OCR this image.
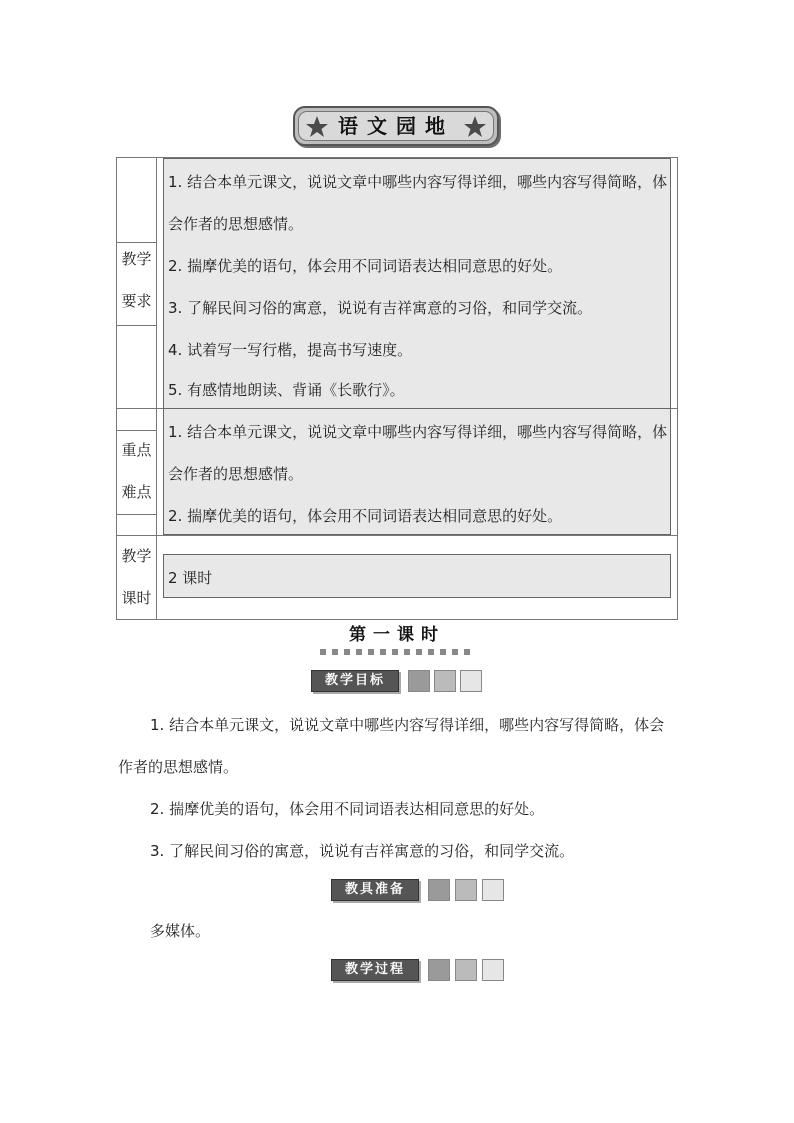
语文园地
教学
要求
1. 结合本单元课文，说说文章中哪些内容写得详细，哪些内容写得简略，体
会作者的思想感情。
2. 揣摩优美的语句，体会用不同词语表达相同意思的好处。
3. 了解民间习俗的寓意，说说有吉祥寓意的习俗，和同学交流。
4. 试着写一写行楷，提高书写速度。
5. 有感情地朗读、背诵《长歌行》。
重点
难点
1. 结合本单元课文，说说文章中哪些内容写得详细，哪些内容写得简略，体
会作者的思想感情。
2. 揣摩优美的语句，体会用不同词语表达相同意思的好处。
教学
课时
2 课时
第一课时
教学目标
1. 结合本单元课文，说说文章中哪些内容写得详细，哪些内容写得简略，体会
作者的思想感情。
2. 揣摩优美的语句，体会用不同词语表达相同意思的好处。
3. 了解民间习俗的寓意，说说有吉祥寓意的习俗，和同学交流。
教具准备
多媒体。
教学过程
